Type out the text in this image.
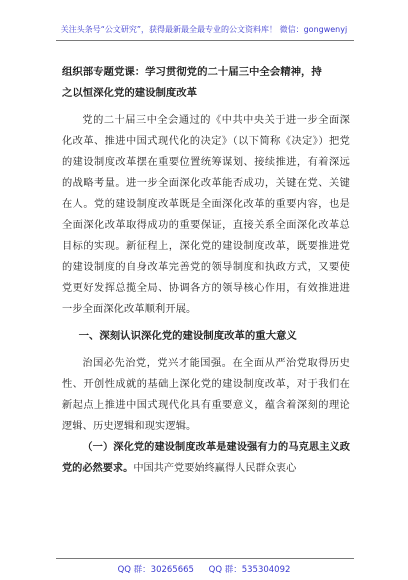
关注头条号“公文研究”，获得最新最全最专业的公文资料库！ 微信：gongwenyj
组织部专题党课：学习贯彻党的二十届三中全会精神，持
之以恒深化党的建设制度改革

党的二十届三中全会通过的《中共中央关于进一步全面深化改革、推进中国式现代化的决定》（以下简称《决定》）把党的建设制度改革摆在重要位置统筹谋划、接续推进，有着深远的战略考量。进一步全面深化改革能否成功，关键在党、关键在人。党的建设制度改革既是全面深化改革的重要内容，也是全面深化改革取得成功的重要保证，直接关系全面深化改革总目标的实现。新征程上，深化党的建设制度改革，既要推进党的建设制度的自身改革完善党的领导制度和执政方式，又要使党更好发挥总揽全局、协调各方的领导核心作用，有效推进进一步全面深化改革顺利开展。

一、深刻认识深化党的建设制度改革的重大意义

治国必先治党，党兴才能国强。在全面从严治党取得历史性、开创性成就的基础上深化党的建设制度改革，对于我们在新起点上推进中国式现代化具有重要意义，蕴含着深刻的理论逻辑、历史逻辑和现实逻辑。

（一）深化党的建设制度改革是建设强有力的马克思主义政党的必然要求。中国共产党要始终赢得人民群众衷心

QQ 群：30265665 QQ 群：535304092
